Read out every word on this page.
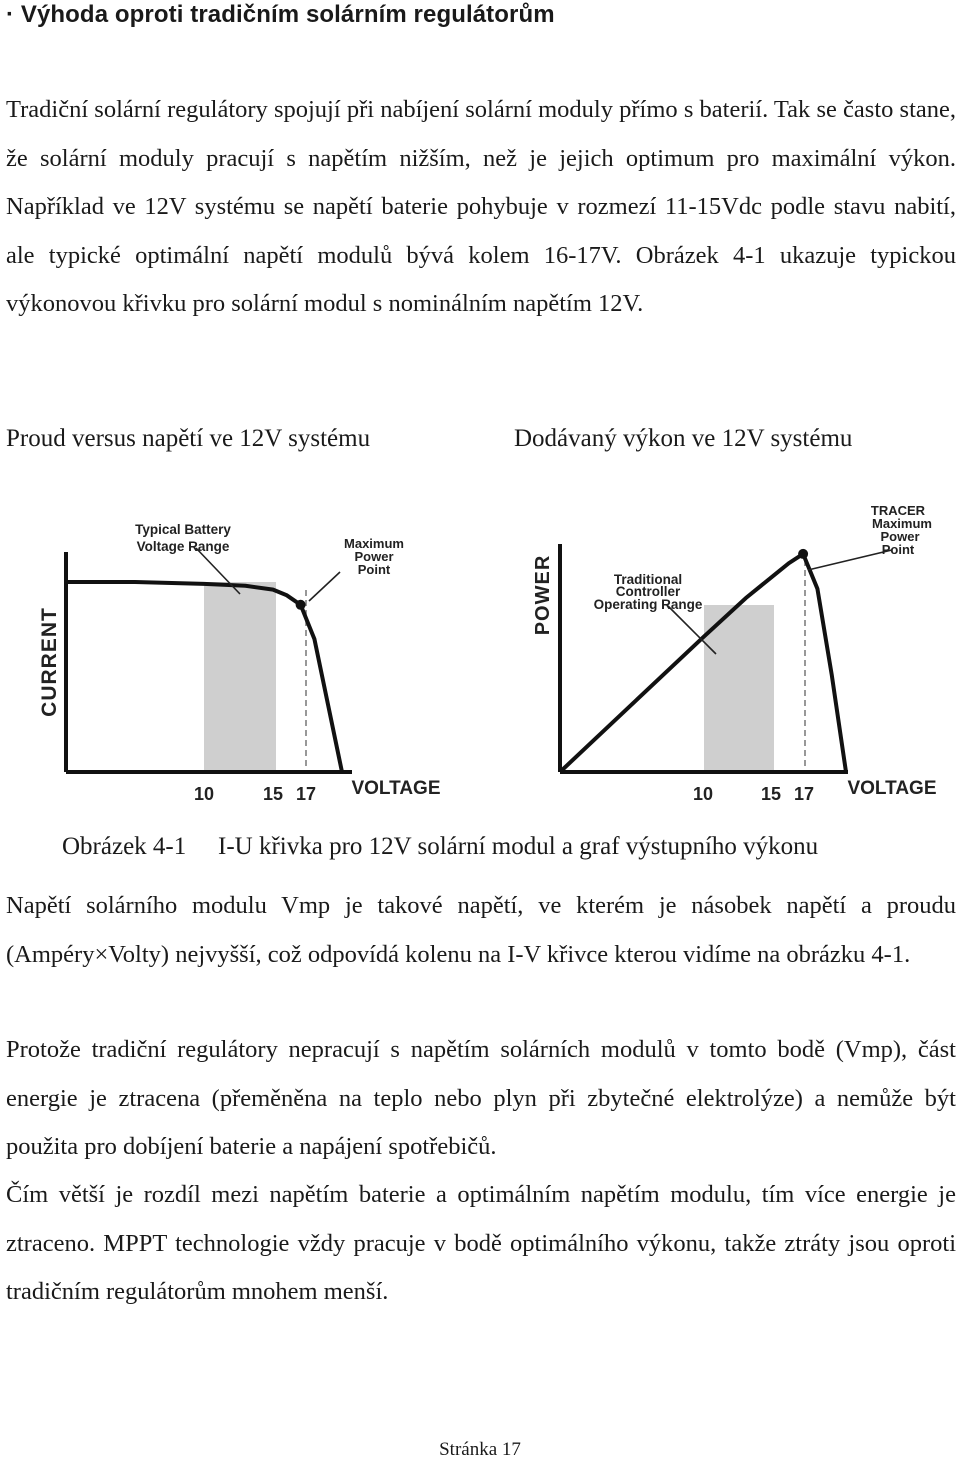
· Výhoda oproti tradičním solárním regulátorům

Tradiční solární regulátory spojují při nabíjení solární moduly přímo s baterií. Tak se často stane, že solární moduly pracují s napětím nižším, než je jejich optimum pro maximální výkon. Například ve 12V systému se napětí baterie pohybuje v rozmezí 11-15Vdc podle stavu nabití, ale typické optimální napětí modulů bývá kolem 16-17V. Obrázek 4-1 ukazuje typickou výkonovou křivku pro solární modul s nominálním napětím 12V.

Proud versus napětí ve 12V systému	Dodávaný výkon ve 12V systému
CURRENT
Typical Battery
Voltage Range	Maximum
Power
Point
10	15 17 VOLTAGE
POWER	Traditional
Controller
Operating Range
TRACER
Maximum
Power
Point
10	15 17 VOLTAGE
Obrázek 4-1 I-U křivka pro 12V solární modul a graf výstupního výkonu

Napětí solárního modulu Vmp je takové napětí, ve kterém je násobek napětí a proudu (Ampéry×Volty) nejvyšší, což odpovídá kolenu na I-V křivce kterou vidíme na obrázku 4-1.

Protože tradiční regulátory nepracují s napětím solárních modulů v tomto bodě (Vmp), část energie je ztracena (přeměněna na teplo nebo plyn při zbytečné elektrolýze) a nemůže být použita pro dobíjení baterie a napájení spotřebičů.

Čím větší je rozdíl mezi napětím baterie a optimálním napětím modulu, tím více energie je ztraceno. MPPT technologie vždy pracuje v bodě optimálního výkonu, takže ztráty jsou oproti tradičním regulátorům mnohem menší.

Stránka 17
